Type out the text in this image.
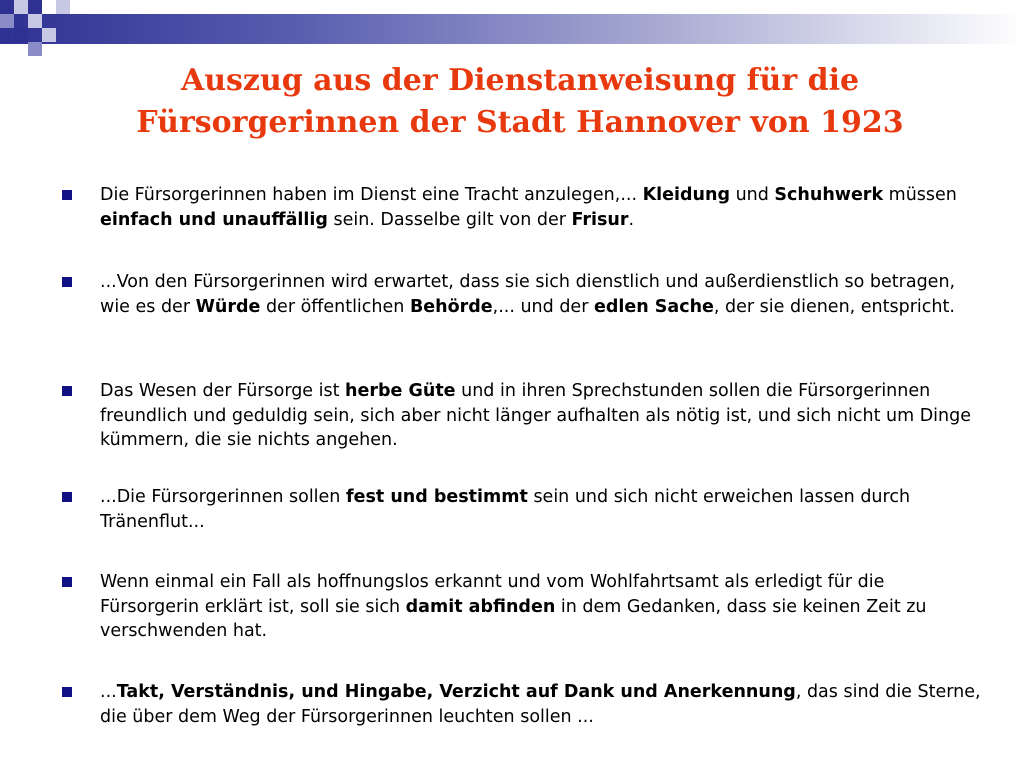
Auszug aus der Dienstanweisung für die
Fürsorgerinnen der Stadt Hannover von 1923
Die Fürsorgerinnen haben im Dienst eine Tracht anzulegen,... Kleidung und Schuhwerk müssen einfach und unauffällig sein. Dasselbe gilt von der Frisur.
...Von den Fürsorgerinnen wird erwartet, dass sie sich dienstlich und außerdienstlich so betragen, wie es der Würde der öffentlichen Behörde,... und der edlen Sache, der sie dienen, entspricht.
Das Wesen der Fürsorge ist herbe Güte und in ihren Sprechstunden sollen die Fürsorgerinnen freundlich und geduldig sein, sich aber nicht länger aufhalten als nötig ist, und sich nicht um Dinge kümmern, die sie nichts angehen.
...Die Fürsorgerinnen sollen fest und bestimmt sein und sich nicht erweichen lassen durch Tränenflut...
Wenn einmal ein Fall als hoffnungslos erkannt und vom Wohlfahrtsamt als erledigt für die Fürsorgerin erklärt ist, soll sie sich damit abfinden in dem Gedanken, dass sie keinen Zeit zu verschwenden hat.
...Takt, Verständnis, und Hingabe, Verzicht auf Dank und Anerkennung, das sind die Sterne, die über dem Weg der Fürsorgerinnen leuchten sollen ...
